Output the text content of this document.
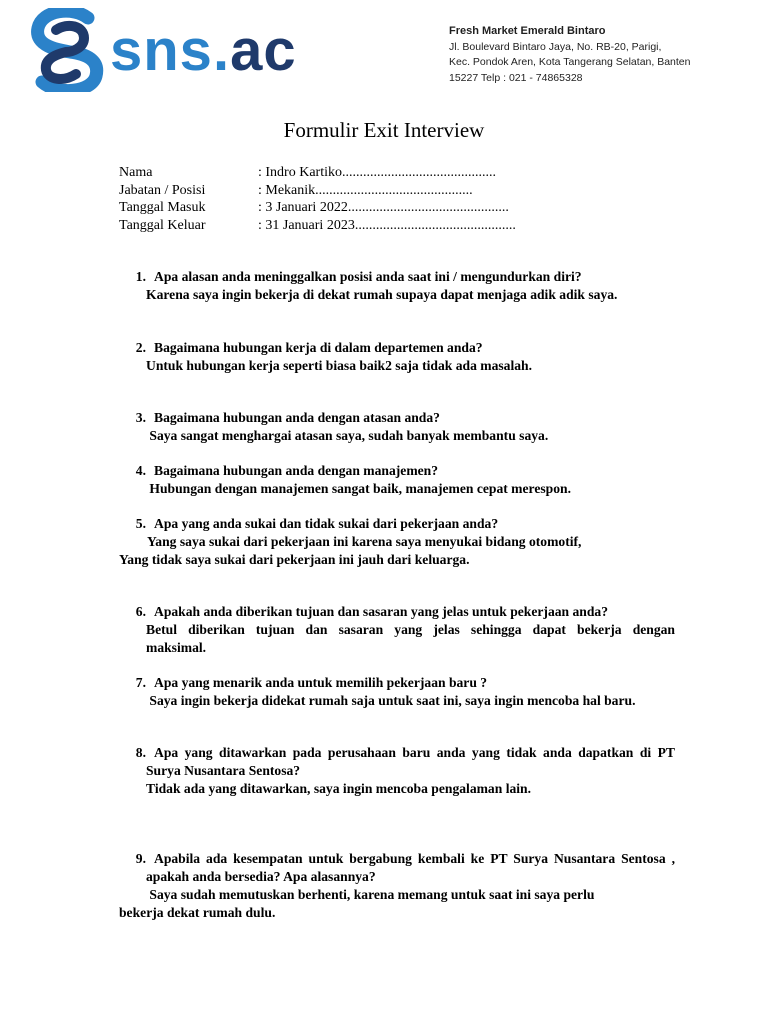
sns.ac	Fresh Market Emerald Bintaro
Jl. Boulevard Bintaro Jaya, No. RB-20, Parigi,
Kec. Pondok Aren, Kota Tangerang Selatan, Banten
15227 Telp : 021 - 74865328
Formulir Exit Interview
Nama	: Indro Kartiko............................................
Jabatan / Posisi	: Mekanik.............................................
Tanggal Masuk	: 3 Januari 2022..............................................
Tanggal Keluar	: 31 Januari 2023..............................................
1. Apa alasan anda meninggalkan posisi anda saat ini / mengundurkan diri?
Karena saya ingin bekerja di dekat rumah supaya dapat menjaga adik adik saya.
2. Bagaimana hubungan kerja di dalam departemen anda?
Untuk hubungan kerja seperti biasa baik2 saja tidak ada masalah.
3. Bagaimana hubungan anda dengan atasan anda?
Saya sangat menghargai atasan saya, sudah banyak membantu saya.
4. Bagaimana hubungan anda dengan manajemen?
Hubungan dengan manajemen sangat baik, manajemen cepat merespon.
5. Apa yang anda sukai dan tidak sukai dari pekerjaan anda?
Yang saya sukai dari pekerjaan ini karena saya menyukai bidang otomotif,
Yang tidak saya sukai dari pekerjaan ini jauh dari keluarga.
6. Apakah anda diberikan tujuan dan sasaran yang jelas untuk pekerjaan anda?
Betul diberikan tujuan dan sasaran yang jelas sehingga dapat bekerja dengan
maksimal.
7. Apa yang menarik anda untuk memilih pekerjaan baru ?
Saya ingin bekerja didekat rumah saja untuk saat ini, saya ingin mencoba hal baru.
8. Apa yang ditawarkan pada perusahaan baru anda yang tidak anda dapatkan di PT
Surya Nusantara Sentosa?
Tidak ada yang ditawarkan, saya ingin mencoba pengalaman lain.
9. Apabila ada kesempatan untuk bergabung kembali ke PT Surya Nusantara Sentosa ,
apakah anda bersedia? Apa alasannya?
Saya sudah memutuskan berhenti, karena memang untuk saat ini saya perlu
bekerja dekat rumah dulu.
